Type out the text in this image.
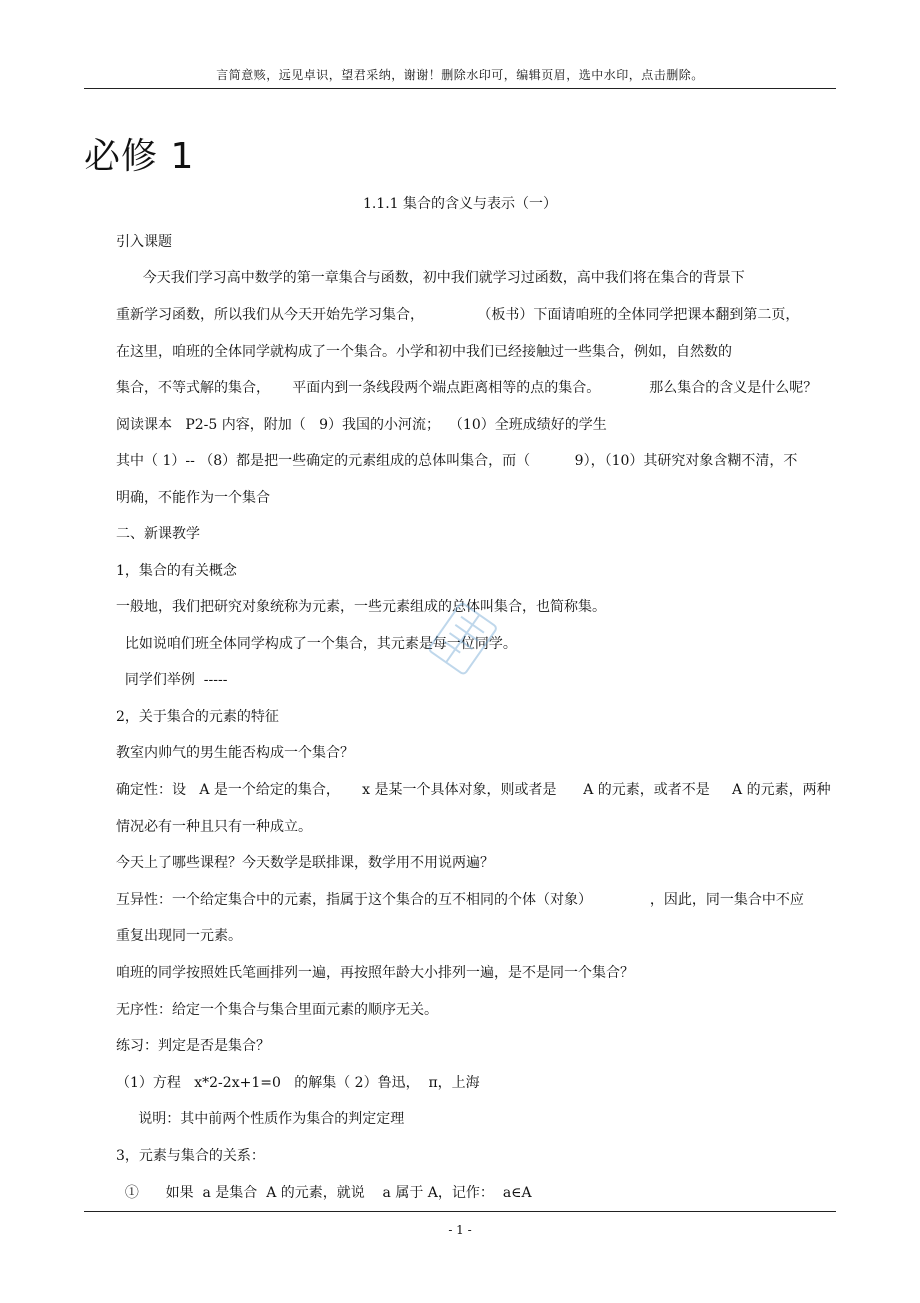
言简意赅，远见卓识，望君采纳，谢谢！删除水印可，编辑页眉，选中水印，点击删除。
必修 1
1.1.1 集合的含义与表示（一）
引入课题
今天我们学习高中数学的第一章集合与函数，初中我们就学习过函数，高中我们将在集合的背景下
重新学习函数，所以我们从今天开始先学习集合，            （板书）下面请咱班的全体同学把课本翻到第二页，
在这里，咱班的全体同学就构成了一个集合。小学和初中我们已经接触过一些集合，例如，自然数的
集合，不等式解的集合，     平面内到一条线段两个端点距离相等的点的集合。           那么集合的含义是什么呢？
阅读课本   P2-5 内容，附加（   9）我国的小河流；  （10）全班成绩好的学生
其中（ 1）-- （8）都是把一些确定的元素组成的总体叫集合，而（          9），（10）其研究对象含糊不清，不
明确，不能作为一个集合
二、新课教学
1，集合的有关概念
一般地，我们把研究对象统称为元素，一些元素组成的总体叫集合，也简称集。
比如说咱们班全体同学构成了一个集合，其元素是每一位同学。
同学们举例  -----
2，关于集合的元素的特征
教室内帅气的男生能否构成一个集合？
确定性：设   A 是一个给定的集合，     x 是某一个具体对象，则或者是      A 的元素，或者不是     A 的元素，两种
情况必有一种且只有一种成立。
今天上了哪些课程？今天数学是联排课，数学用不用说两遍？
互异性：一个给定集合中的元素，指属于这个集合的互不相同的个体（对象）             ，因此，同一集合中不应
重复出现同一元素。
咱班的同学按照姓氏笔画排列一遍，再按照年龄大小排列一遍，是不是同一个集合？
无序性：给定一个集合与集合里面元素的顺序无关。
练习：判定是否是集合？
（1）方程   x*2-2x+1=0   的解集（ 2）鲁迅，  π，上海
说明：其中前两个性质作为集合的判定定理
3，元素与集合的关系：
①      如果  a 是集合  A 的元素，就说    a 属于 A，记作：  a∈A
- 1 -
